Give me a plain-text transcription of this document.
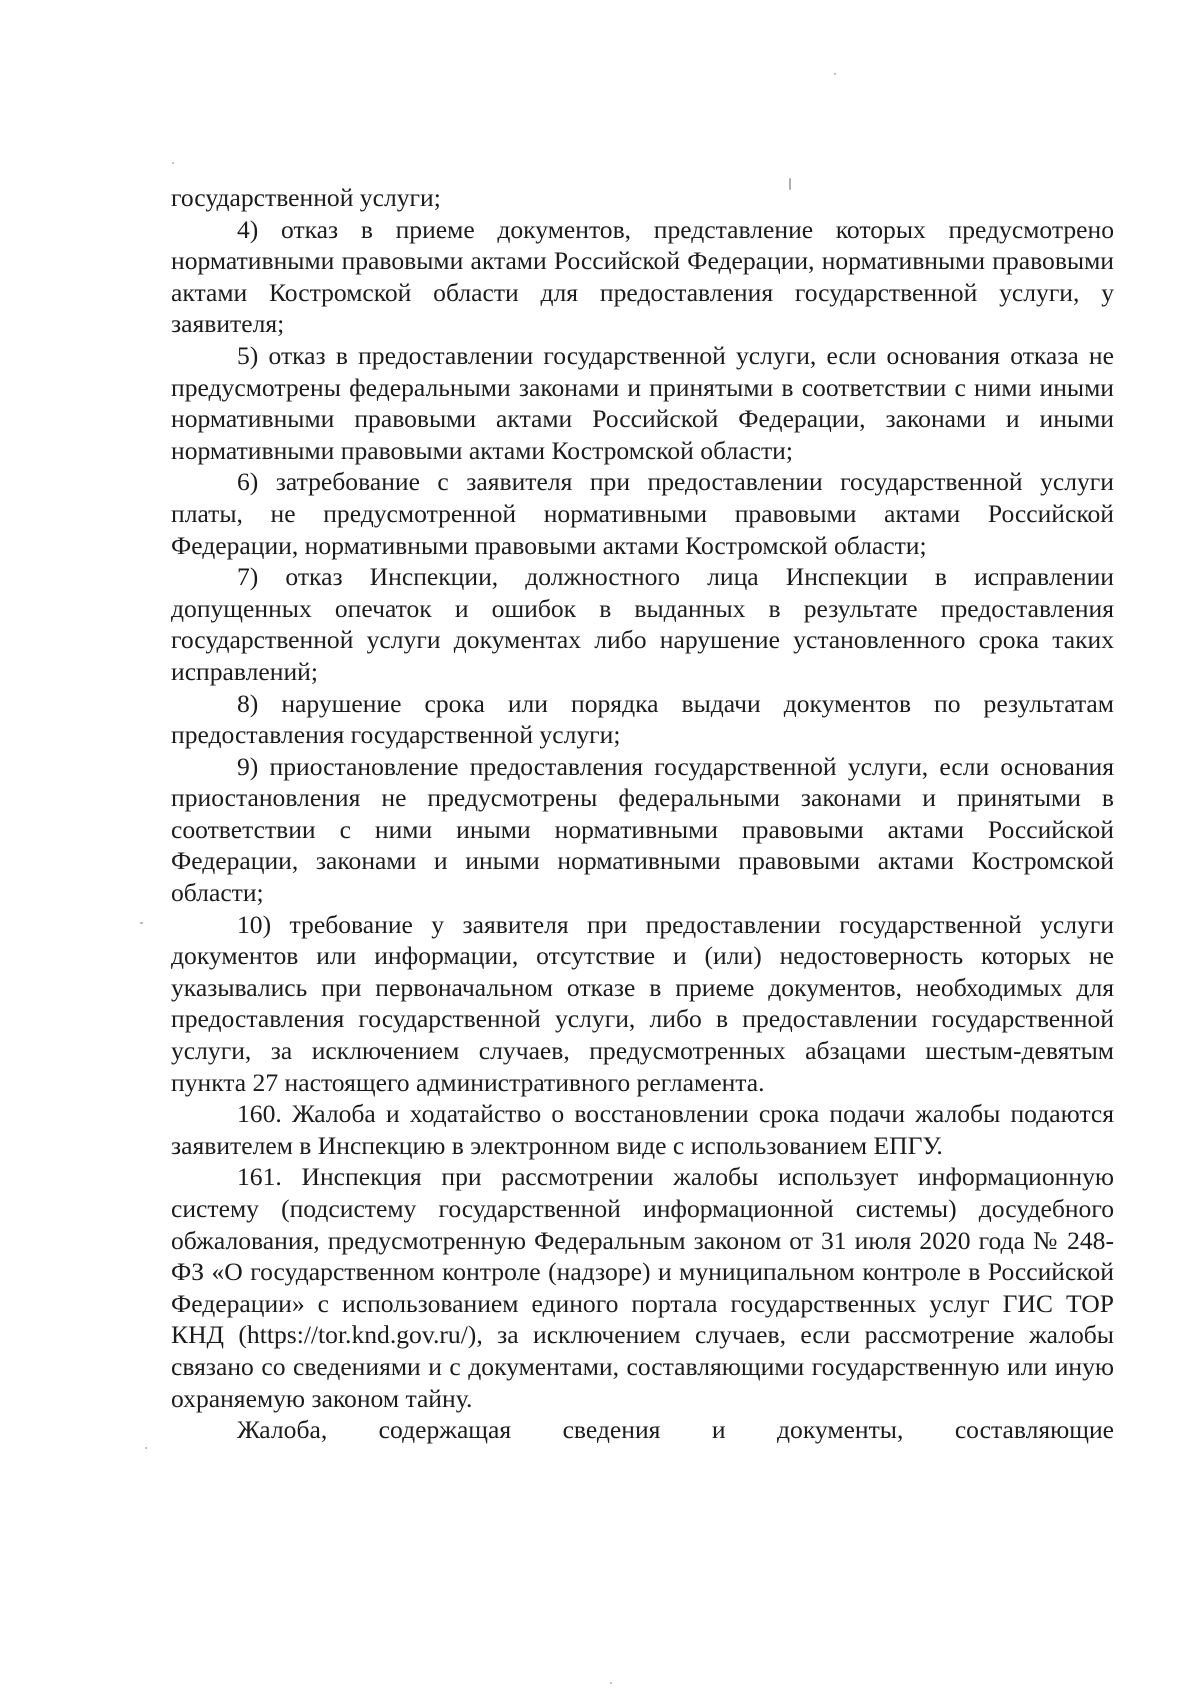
государственной услуги;

4) отказ в приеме документов, представление которых предусмотрено нормативными правовыми актами Российской Федерации, нормативными правовыми актами Костромской области для предоставления государственной услуги, у заявителя;

5) отказ в предоставлении государственной услуги, если основания отказа не предусмотрены федеральными законами и принятыми в соответствии с ними иными нормативными правовыми актами Российской Федерации, законами и иными нормативными правовыми актами Костромской области;

6) затребование с заявителя при предоставлении государственной услуги платы, не предусмотренной нормативными правовыми актами Российской Федерации, нормативными правовыми актами Костромской области;

7) отказ Инспекции, должностного лица Инспекции в исправлении допущенных опечаток и ошибок в выданных в результате предоставления государственной услуги документах либо нарушение установленного срока таких исправлений;

8) нарушение срока или порядка выдачи документов по результатам предоставления государственной услуги;

9) приостановление предоставления государственной услуги, если основания приостановления не предусмотрены федеральными законами и принятыми в соответствии с ними иными нормативными правовыми актами Российской Федерации, законами и иными нормативными правовыми актами Костромской области;

10) требование у заявителя при предоставлении государственной услуги документов или информации, отсутствие и (или) недостоверность которых не указывались при первоначальном отказе в приеме документов, необходимых для предоставления государственной услуги, либо в предоставлении государственной услуги, за исключением случаев, предусмотренных абзацами шестым-девятым пункта 27 настоящего административного регламента.

160. Жалоба и ходатайство о восстановлении срока подачи жалобы подаются заявителем в Инспекцию в электронном виде с использованием ЕПГУ.

161. Инспекция при рассмотрении жалобы использует информационную систему (подсистему государственной информационной системы) досудебного обжалования, предусмотренную Федеральным законом от 31 июля 2020 года № 248-ФЗ «О государственном контроле (надзоре) и муниципальном контроле в Российской Федерации» с использованием единого портала государственных услуг ГИС ТОР КНД (https://tor.knd.gov.ru/), за исключением случаев, если рассмотрение жалобы связано со сведениями и с документами, составляющими государственную или иную охраняемую законом тайну.

Жалоба, содержащая сведения и документы, составляющие
